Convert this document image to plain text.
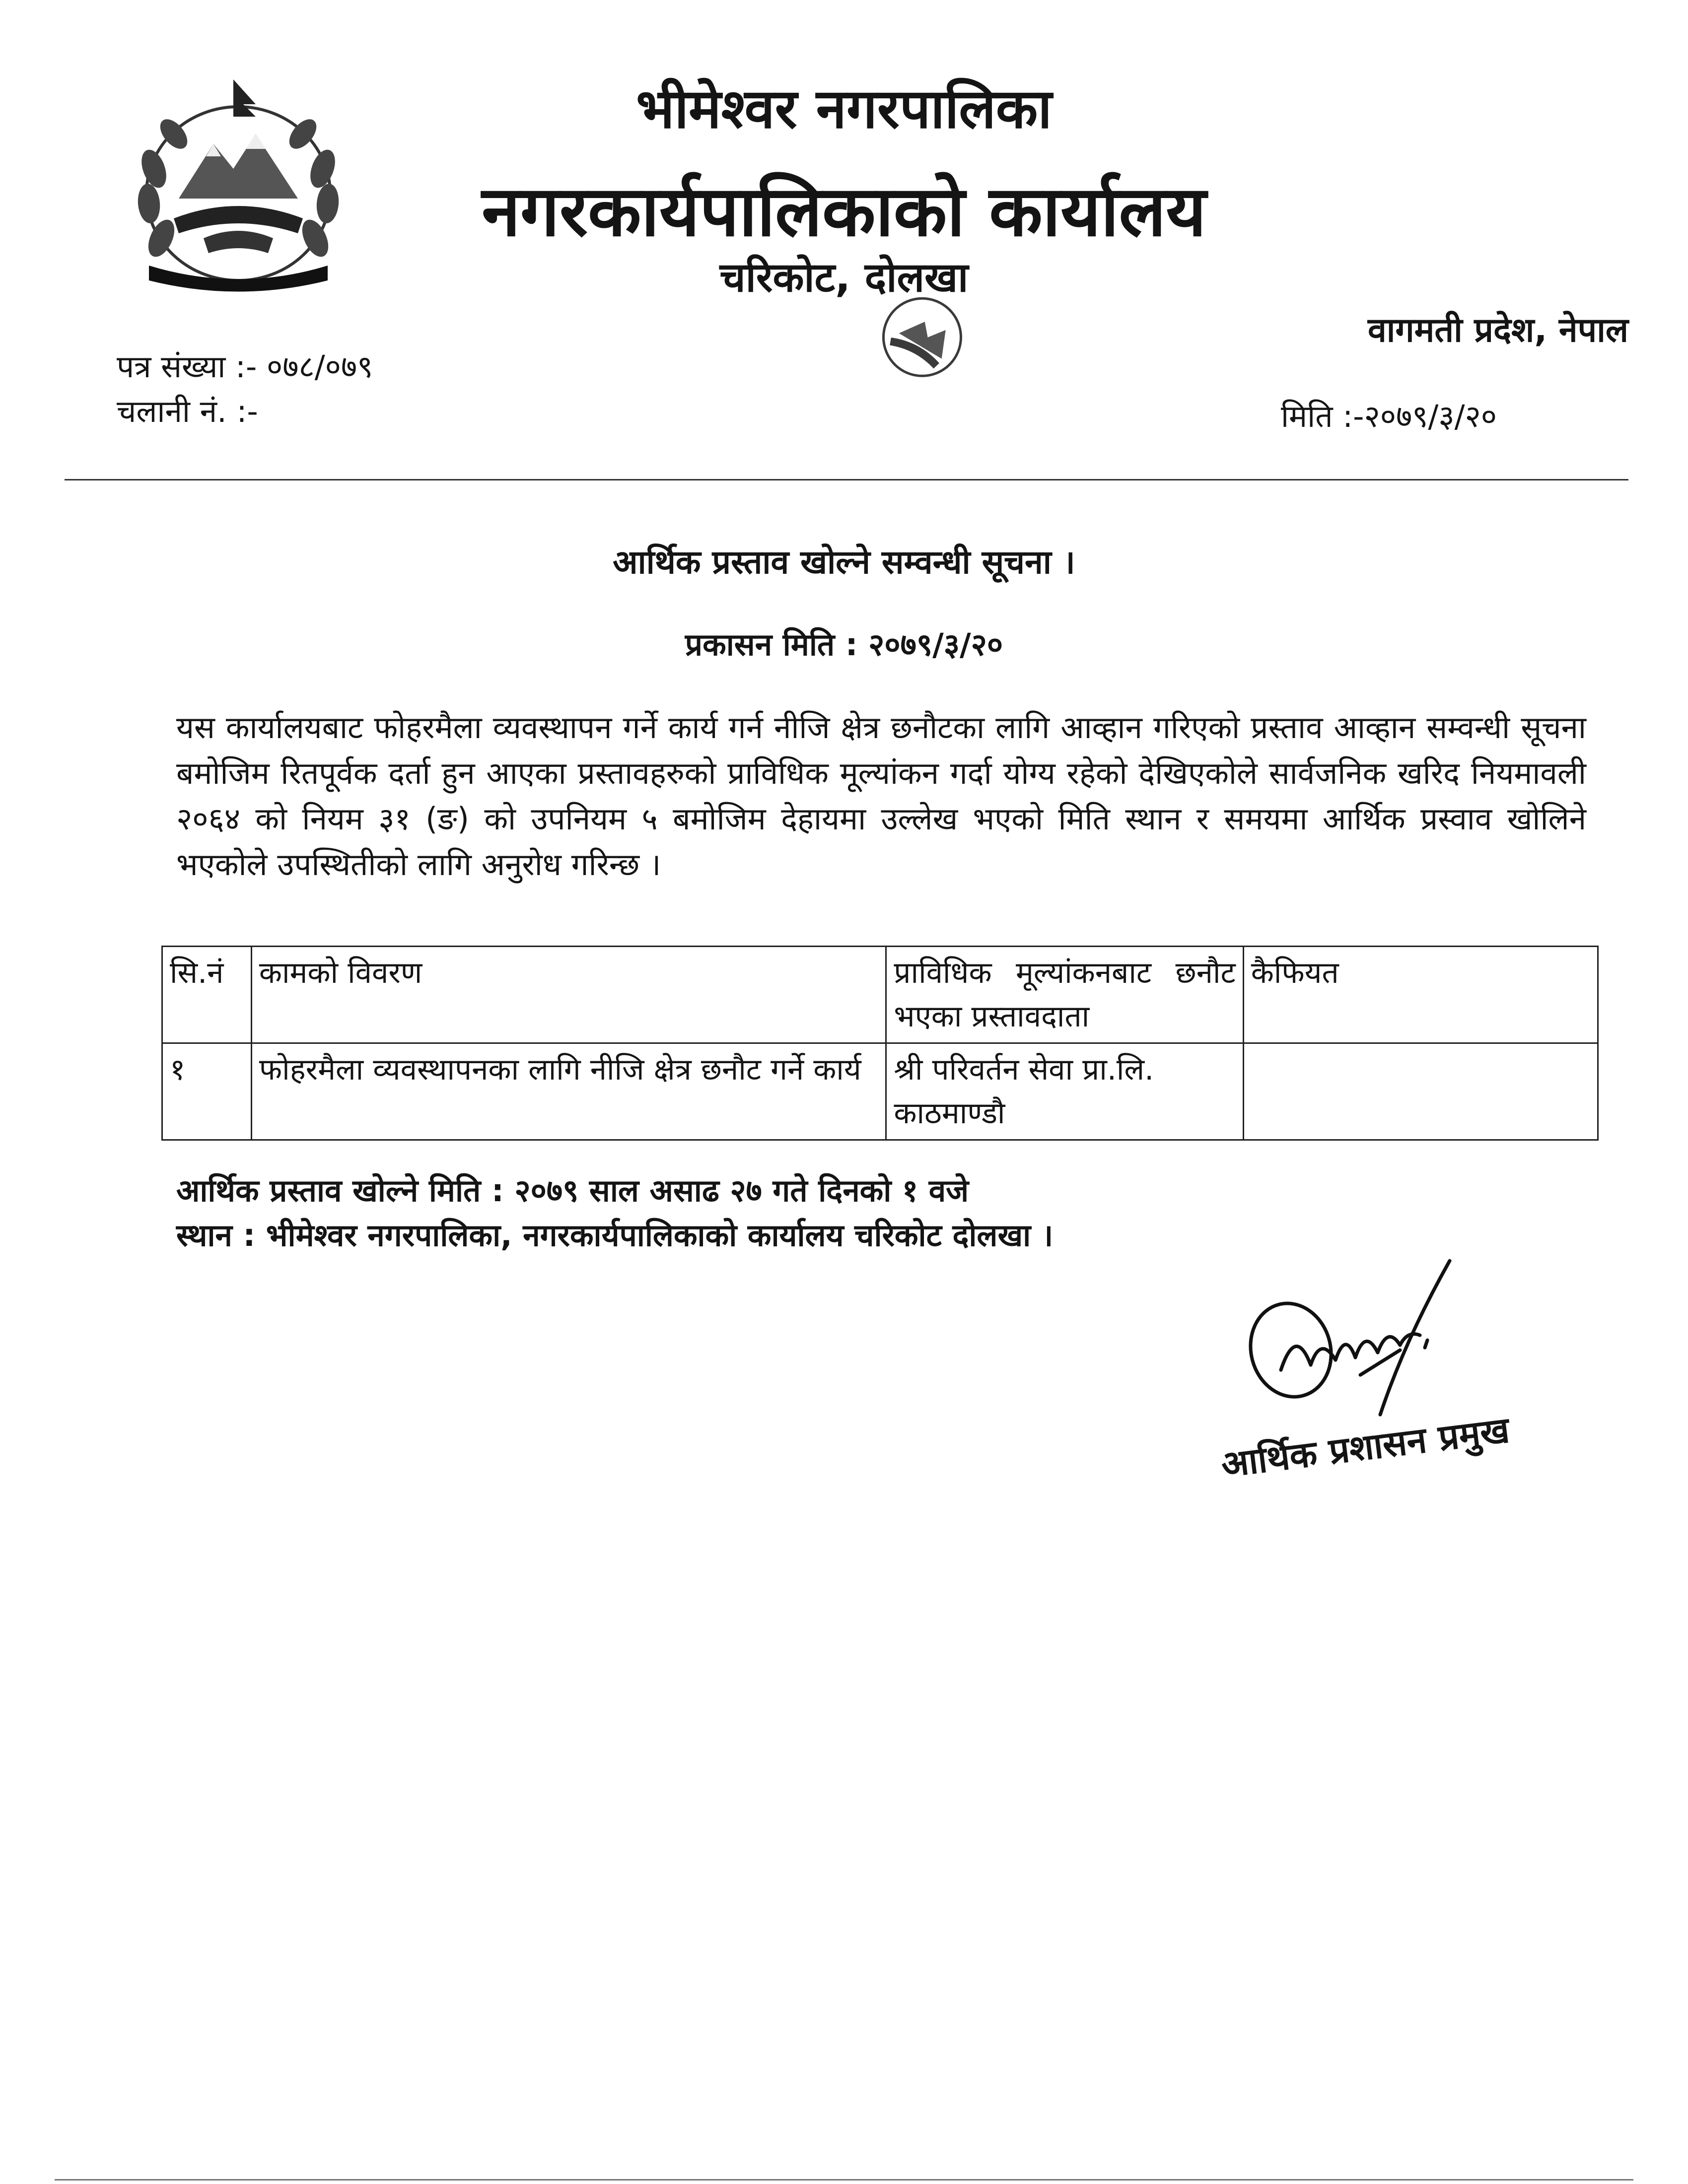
भीमेश्वर नगरपालिका
नगरकार्यपालिकाको कार्यालय
चरिकोट, दोलखा
वागमती प्रदेश, नेपाल
पत्र संख्या :- ०७८/०७९
चलानी नं. :-	मिति :-२०७९/३/२०
आर्थिक प्रस्ताव खोल्ने सम्वन्धी सूचना ।
प्रकासन मिति : २०७९/३/२०
यस कार्यालयबाट फोहरमैला व्यवस्थापन गर्ने कार्य गर्न नीजि क्षेत्र छनौटका लागि आव्हान गरिएको प्रस्ताव आव्हान सम्वन्धी सूचना बमोजिम रितपूर्वक दर्ता हुन आएका प्रस्तावहरुको प्राविधिक मूल्यांकन गर्दा योग्य रहेको देखिएकोले सार्वजनिक खरिद नियमावली २०६४ को नियम ३१ (ङ) को उपनियम ५ बमोजिम देहायमा उल्लेख भएको मिति स्थान र समयमा आर्थिक प्रस्वाव खोलिने भएकोले उपस्थितीको लागि अनुरोध गरिन्छ ।
सि.नं	कामको विवरण	प्राविधिक मूल्यांकनबाट छनौट भएका प्रस्तावदाता	कैफियत
१	फोहरमैला व्यवस्थापनका लागि नीजि क्षेत्र छनौट गर्ने कार्य	श्री परिवर्तन सेवा प्रा.लि. काठमाण्डौ	
आर्थिक प्रस्ताव खोल्ने मिति : २०७९ साल असाढ २७ गते दिनको १ वजे
स्थान : भीमेश्वर नगरपालिका, नगरकार्यपालिकाको कार्यालय चरिकोट दोलखा ।
आर्थिक प्रशासन प्रमुख
